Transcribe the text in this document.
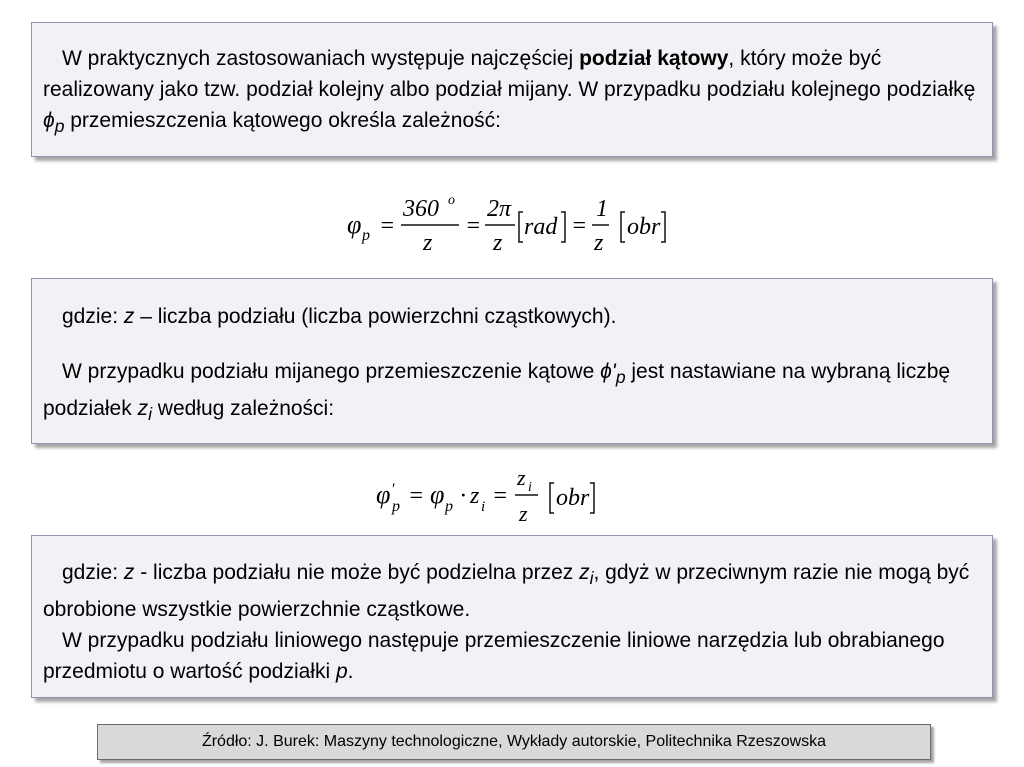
W praktycznych zastosowaniach występuje najczęściej podział kątowy, który może być realizowany jako tzw. podział kolejny albo podział mijany. W przypadku podziału kolejnego podziałkę $\phi_p$ przemieszczenia kątowego określa zależność:

φ p =
360 o
z
=
2π
z
rad =
1
z
obr

gdzie: z – liczba podziału (liczba powierzchni cząstkowych).

W przypadku podziału mijanego przemieszczenie kątowe $\phi'_p$ jest nastawiane na wybraną liczbę podziałek $z_i$ według zależności:

φ ′
p = φ p · z i =
z i
z
obr

gdzie: z - liczba podziału nie może być podzielna przez $z_i$, gdyż w przeciwnym razie nie mogą być obrobione wszystkie powierzchnie cząstkowe.

W przypadku podziału liniowego następuje przemieszczenie liniowe narzędzia lub obrabianego przedmiotu o wartość podziałki p.

Źródło: J. Burek: Maszyny technologiczne, Wykłady autorskie, Politechnika Rzeszowska
